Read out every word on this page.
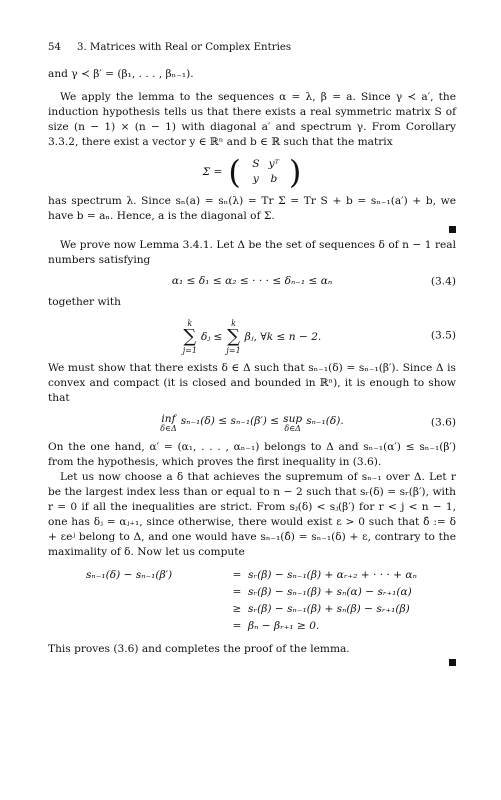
54 3. Matrices with Real or Complex Entries

and γ ≺ β′ = (β₁, . . . , βₙ₋₁).

We apply the lemma to the sequences α = λ, β = a. Since γ ≺ a′, the induction hypothesis tells us that there exists a real symmetric matrix S of size (n − 1) × (n − 1) with diagonal a′ and spectrum γ. From Corollary 3.3.2, there exist a vector y ∈ ℝⁿ and b ∈ ℝ such that the matrix

Σ = (	S yᵀ
y	b )

has spectrum λ. Since sₙ(a) = sₙ(λ) = Tr Σ = Tr S + b = sₙ₋₁(a′) + b, we have b = aₙ. Hence, a is the diagonal of Σ.

We prove now Lemma 3.4.1. Let Δ be the set of sequences δ of n − 1 real numbers satisfying

α₁ ≤ δ₁ ≤ α₂ ≤ · · · ≤ δₙ₋₁ ≤ αₙ	(3.4)

together with

k
∑
j=1
δⱼ ≤
k
∑
j=1
βⱼ, ∀k ≤ n − 2.	(3.5)

We must show that there exists δ ∈ Δ such that sₙ₋₁(δ) = sₙ₋₁(β′). Since Δ is convex and compact (it is closed and bounded in ℝⁿ), it is enough to show that

inf
δ∈Δ
sₙ₋₁(δ) ≤ sₙ₋₁(β′) ≤ sup
δ∈Δ
sₙ₋₁(δ).	(3.6)

On the one hand, α′ = (α₁, . . . , αₙ₋₁) belongs to Δ and sₙ₋₁(α′) ≤ sₙ₋₁(β′) from the hypothesis, which proves the first inequality in (3.6).

Let us now choose a δ that achieves the supremum of sₙ₋₁ over Δ. Let r be the largest index less than or equal to n − 2 such that sᵣ(δ) = sᵣ(β′), with r = 0 if all the inequalities are strict. From sⱼ(δ) < sⱼ(β′) for r < j < n − 1, one has δⱼ = αⱼ₊₁, since otherwise, there would exist ε > 0 such that δ̂ := δ + εeʲ belong to Δ, and one would have sₙ₋₁(δ̂) = sₙ₋₁(δ) + ε, contrary to the maximality of δ. Now let us compute

sₙ₋₁(δ) − sₙ₋₁(β′)	= sᵣ(β) − sₙ₋₁(β) + αᵣ₊₂ + · · · + αₙ
= sᵣ(β) − sₙ₋₁(β) + sₙ(α) − sᵣ₊₁(α)
≥ sᵣ(β) − sₙ₋₁(β) + sₙ(β) − sᵣ₊₁(β)
= βₙ − βᵣ₊₁ ≥ 0.

This proves (3.6) and completes the proof of the lemma.
